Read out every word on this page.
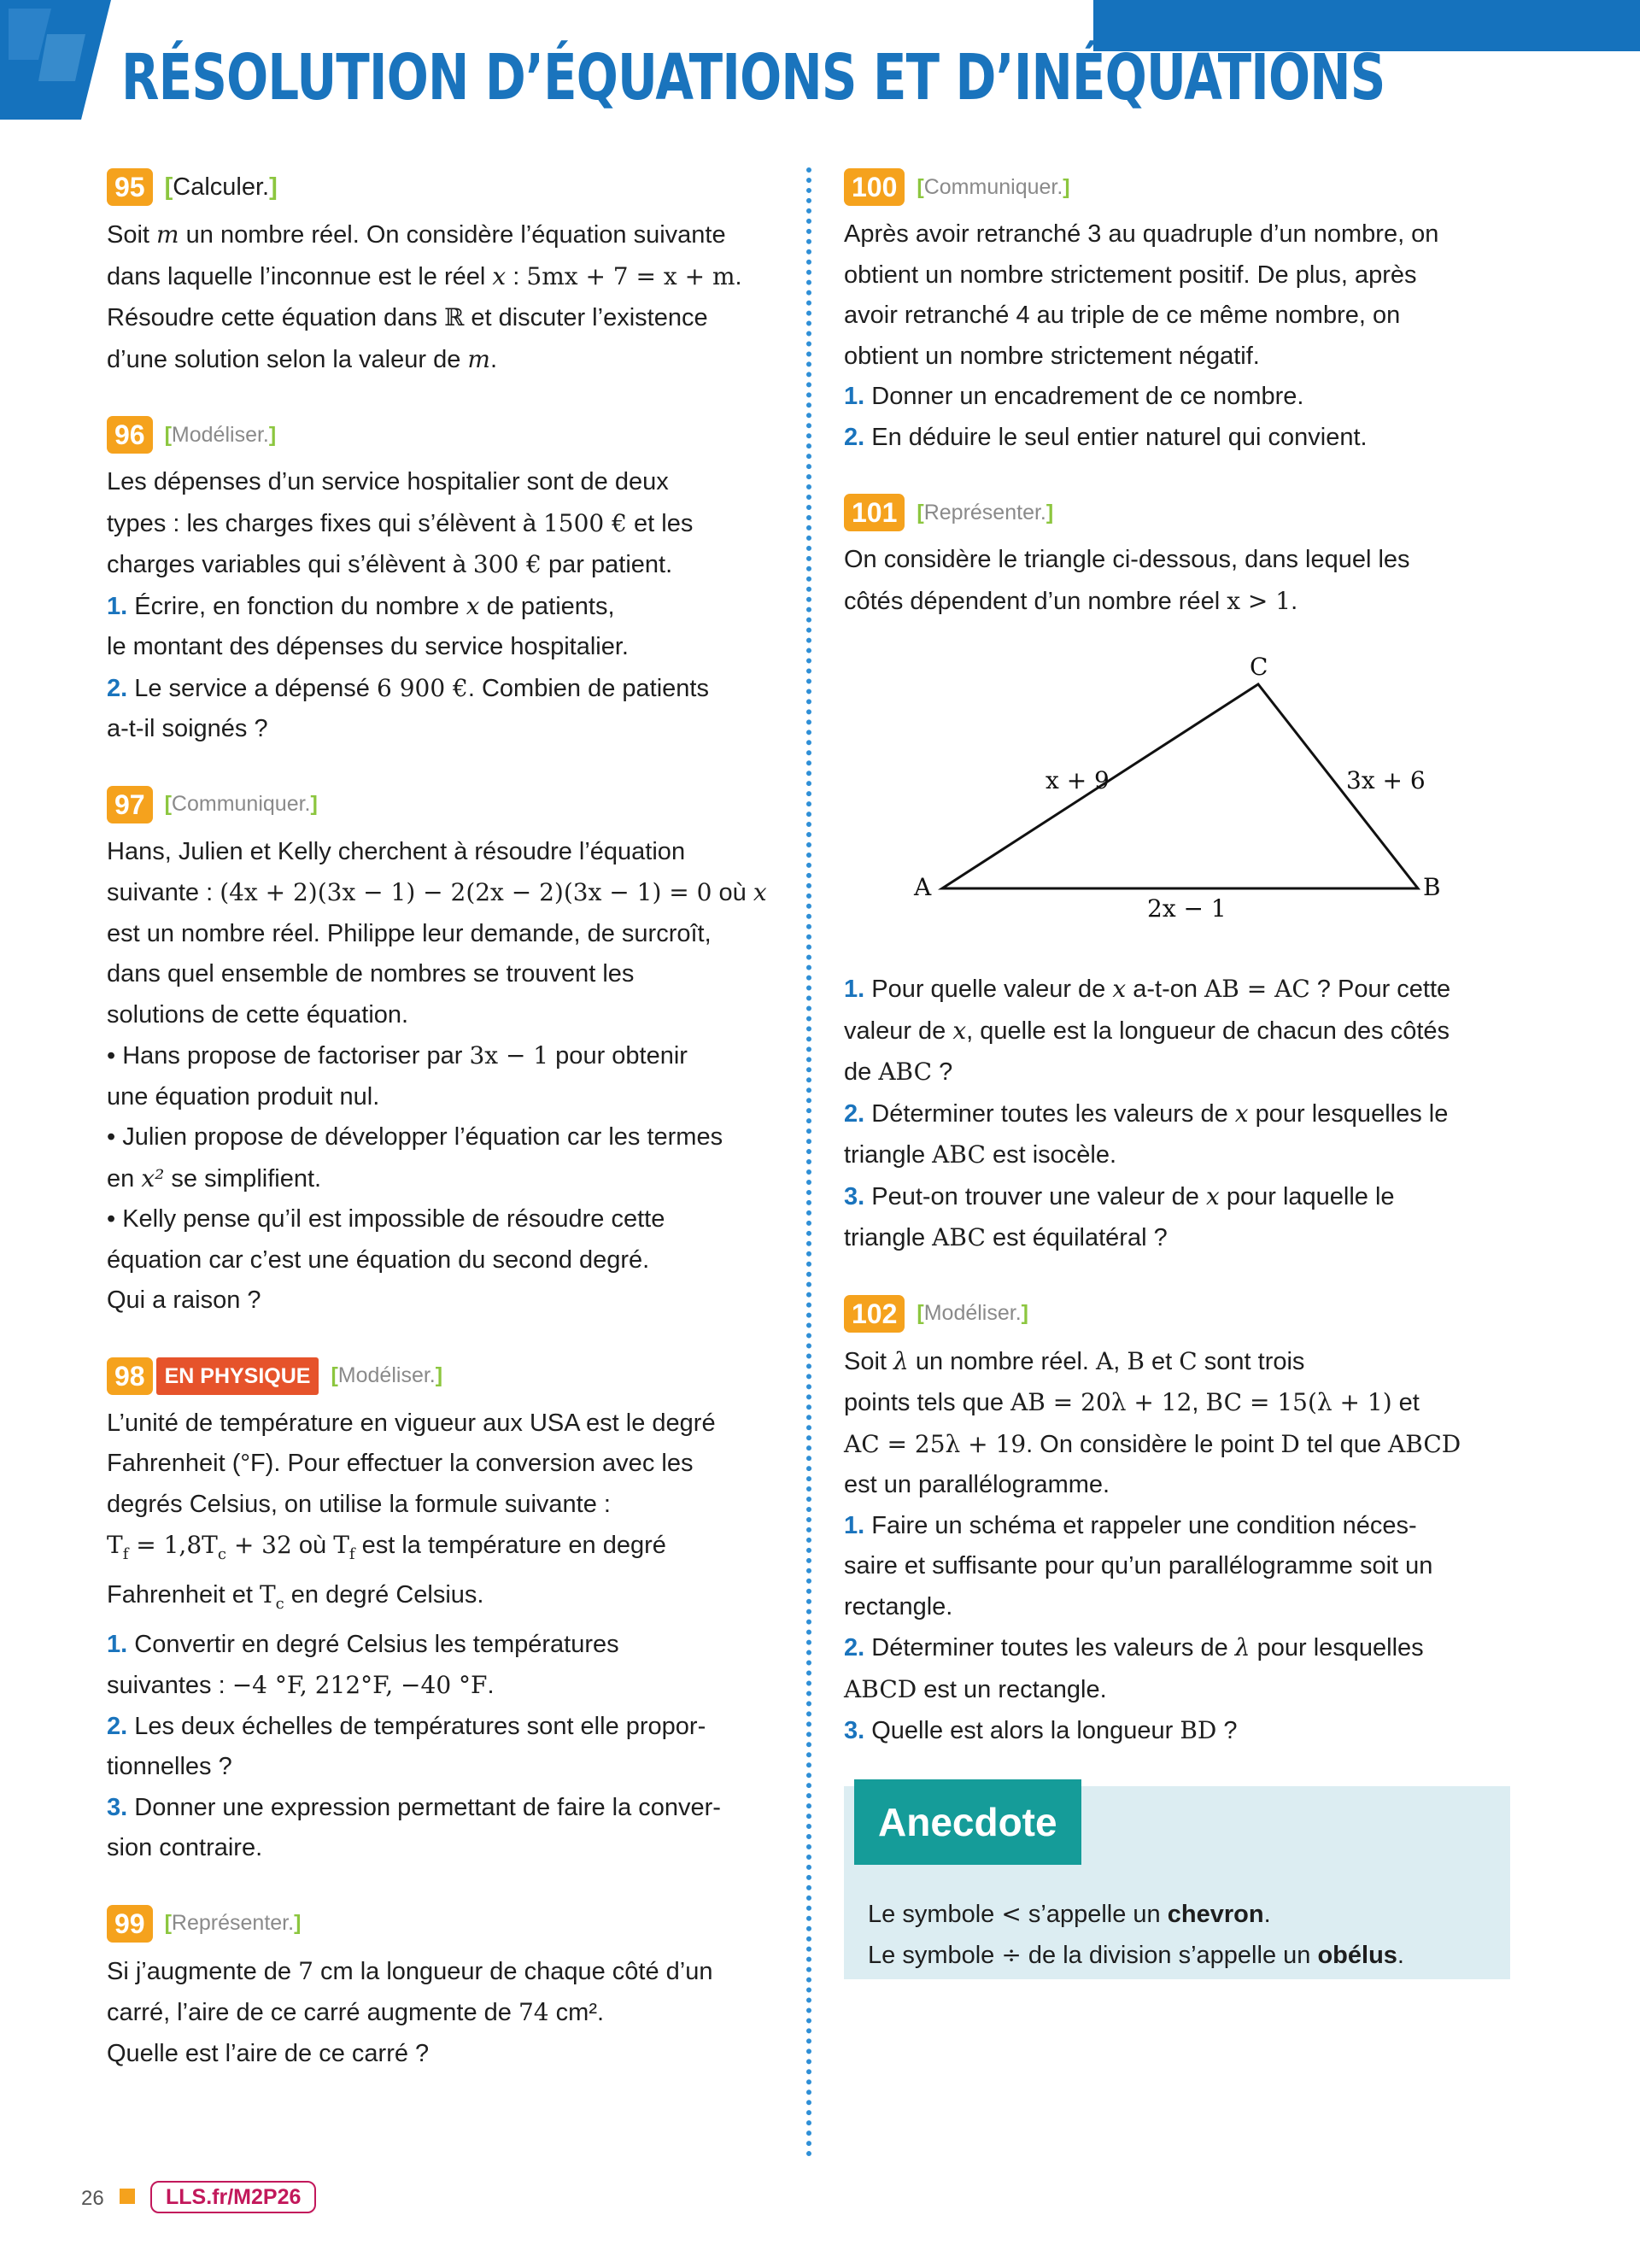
RÉSOLUTION D’ÉQUATIONS ET D’INÉQUATIONS
95 [Calculer.]

Soit m un nombre réel. On considère l’équation suivante

dans laquelle l’inconnue est le réel x : 5mx + 7 = x + m.

Résoudre cette équation dans ℝ et discuter l’existence

d’une solution selon la valeur de m.

96 [Modéliser.]

Les dépenses d’un service hospitalier sont de deux

types : les charges fixes qui s’élèvent à 1500 € et les

charges variables qui s’élèvent à 300 € par patient.

1. Écrire, en fonction du nombre x de patients,

le montant des dépenses du service hospitalier.

2. Le service a dépensé 6 900 €. Combien de patients

a-t-il soignés ?

97 [Communiquer.]

Hans, Julien et Kelly cherchent à résoudre l’équation

suivante : (4x + 2)(3x − 1) − 2(2x − 2)(3x − 1) = 0 où x

est un nombre réel. Philippe leur demande, de surcroît,

dans quel ensemble de nombres se trouvent les

solutions de cette équation.

• Hans propose de factoriser par 3x − 1 pour obtenir

une équation produit nul.

• Julien propose de développer l’équation car les termes

en x² se simplifient.

• Kelly pense qu’il est impossible de résoudre cette

équation car c’est une équation du second degré.

Qui a raison ?

98 EN PHYSIQUE [Modéliser.]

L’unité de température en vigueur aux USA est le degré

Fahrenheit (°F). Pour effectuer la conversion avec les

degrés Celsius, on utilise la formule suivante :

$T_f = 1,8T_c + 32$ où $T_f$ est la température en degré

Fahrenheit et $T_c$ en degré Celsius.

1. Convertir en degré Celsius les températures

suivantes : −4 °F, 212°F, −40 °F.

2. Les deux échelles de températures sont elle propor-

tionnelles ?

3. Donner une expression permettant de faire la conver-

sion contraire.

99 [Représenter.]

Si j’augmente de 7 cm la longueur de chaque côté d’un

carré, l’aire de ce carré augmente de 74 cm².

Quelle est l’aire de ce carré ?

100 [Communiquer.]

Après avoir retranché 3 au quadruple d’un nombre, on

obtient un nombre strictement positif. De plus, après

avoir retranché 4 au triple de ce même nombre, on

obtient un nombre strictement négatif.

1. Donner un encadrement de ce nombre.

2. En déduire le seul entier naturel qui convient.

101 [Représenter.]

On considère le triangle ci-dessous, dans lequel les

côtés dépendent d’un nombre réel x > 1.

A	B
C
x + 9	3x + 6
2x − 1

1. Pour quelle valeur de x a-t-on AB = AC ? Pour cette

valeur de x, quelle est la longueur de chacun des côtés

de ABC ?

2. Déterminer toutes les valeurs de x pour lesquelles le

triangle ABC est isocèle.

3. Peut-on trouver une valeur de x pour laquelle le

triangle ABC est équilatéral ?

102 [Modéliser.]

Soit λ un nombre réel. A, B et C sont trois

points tels que AB = 20λ + 12, BC = 15(λ + 1) et

AC = 25λ + 19. On considère le point D tel que ABCD

est un parallélogramme.

1. Faire un schéma et rappeler une condition néces-

saire et suffisante pour qu’un parallélogramme soit un

rectangle.

2. Déterminer toutes les valeurs de λ pour lesquelles

ABCD est un rectangle.

3. Quelle est alors la longueur BD ?

Anecdote

Le symbole < s’appelle un chevron.

Le symbole ÷ de la division s’appelle un obélus.

26	LLS.fr/M2P26
